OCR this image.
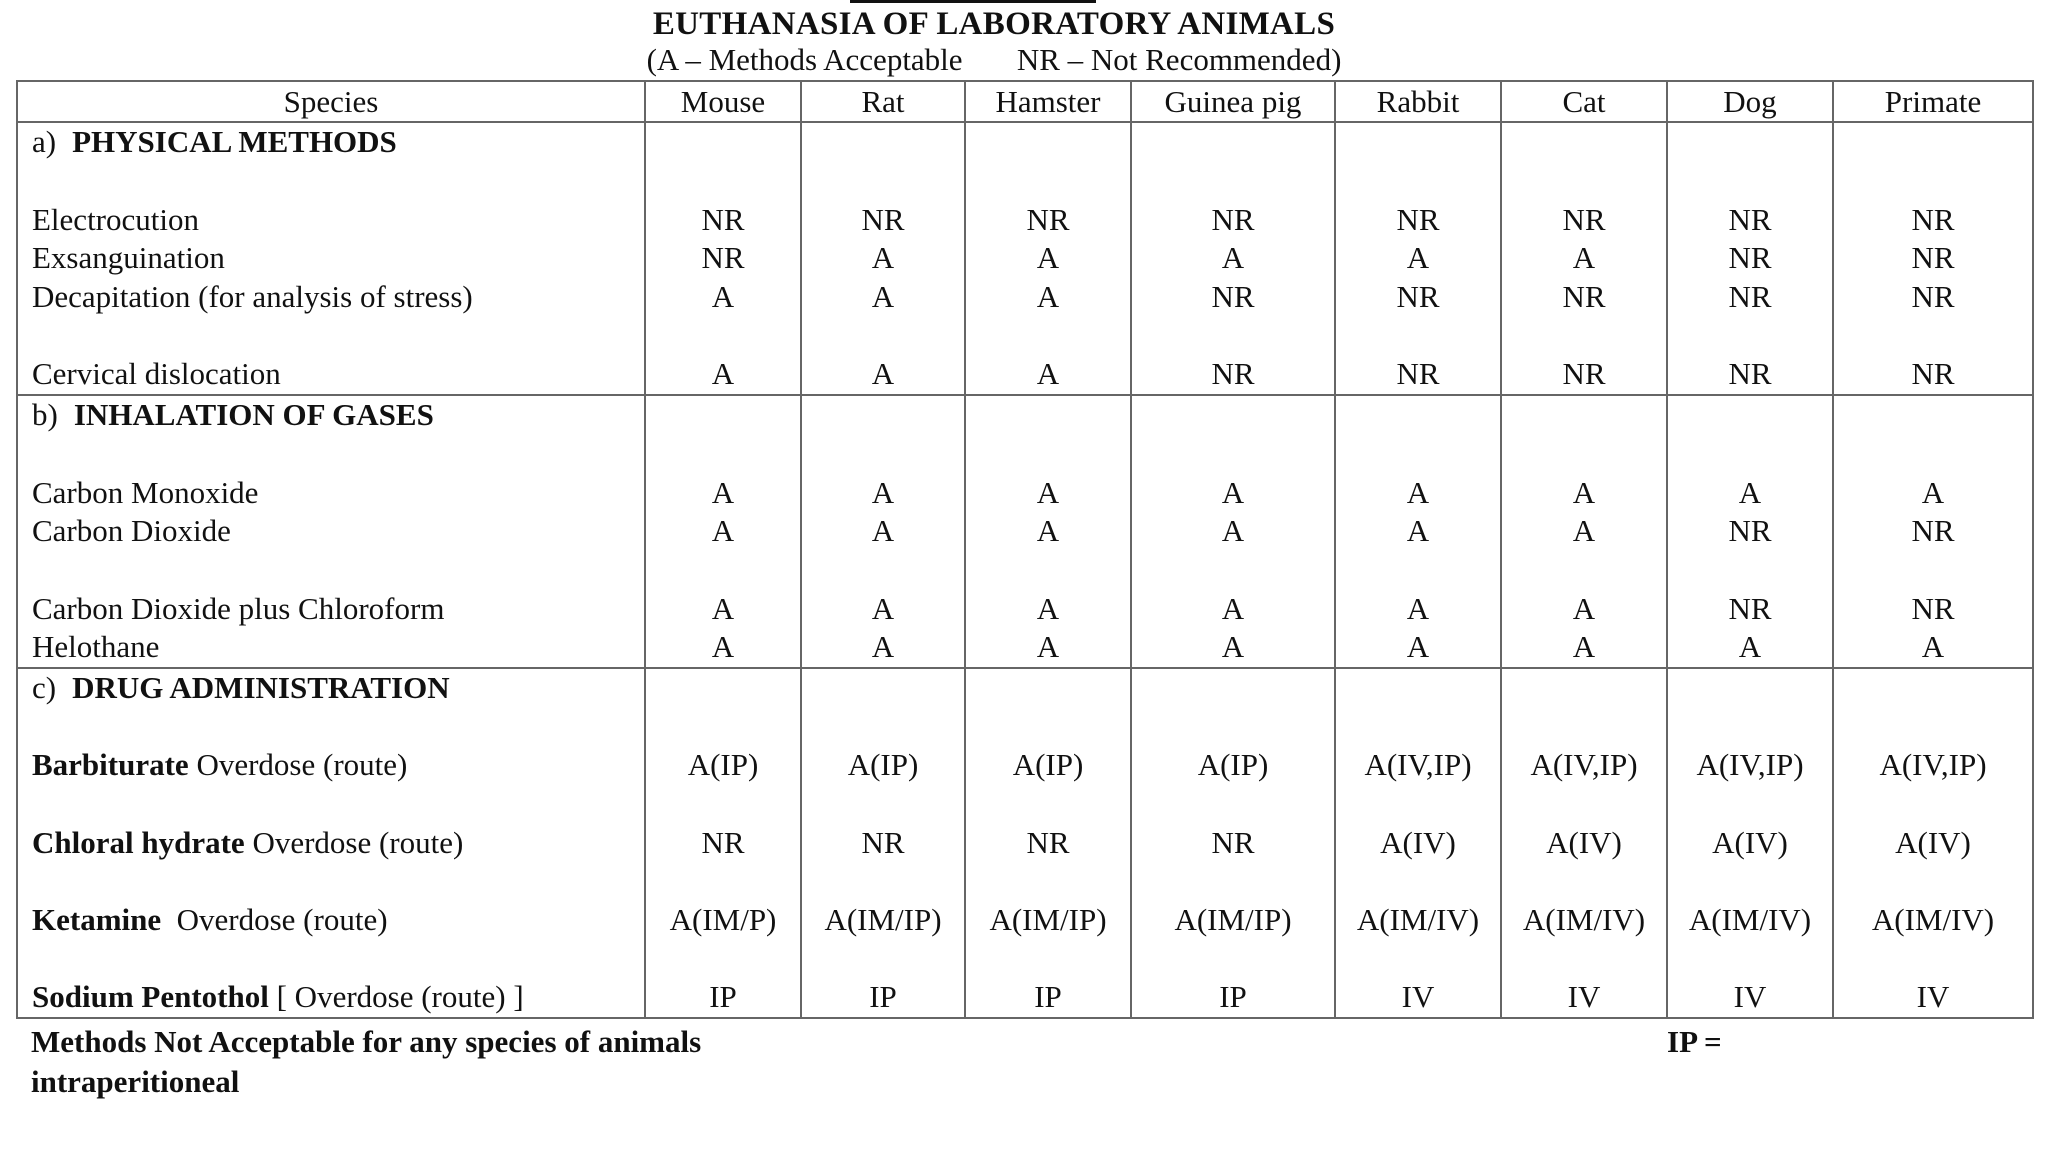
EUTHANASIA OF LABORATORY ANIMALS
(A – Methods Acceptable NR – Not Recommended)
Species	Mouse	Rat	Hamster	Guinea pig	Rabbit	Cat	Dog	Primate
a) PHYSICAL METHODS								

Electrocution	NR	NR	NR	NR	NR	NR	NR	NR
Exsanguination	NR	A	A	A	A	A	NR	NR
Decapitation (for analysis of stress)	A	A	A	NR	NR	NR	NR	NR

Cervical dislocation	A	A	A	NR	NR	NR	NR	NR
b) INHALATION OF GASES								

Carbon Monoxide	A	A	A	A	A	A	A	A
Carbon Dioxide	A	A	A	A	A	A	NR	NR

Carbon Dioxide plus Chloroform	A	A	A	A	A	A	NR	NR
Helothane	A	A	A	A	A	A	A	A
c) DRUG ADMINISTRATION								

Barbiturate Overdose (route)	A(IP)	A(IP)	A(IP)	A(IP)	A(IV,IP)	A(IV,IP)	A(IV,IP)	A(IV,IP)

Chloral hydrate Overdose (route)	NR	NR	NR	NR	A(IV)	A(IV)	A(IV)	A(IV)

Ketamine  Overdose (route)	A(IM/P)	A(IM/IP)	A(IM/IP)	A(IM/IP)	A(IM/IV)	A(IM/IV)	A(IM/IV)	A(IM/IV)

Sodium Pentothol [ Overdose (route) ]	IP	IP	IP	IP	IV	IV	IV	IV
Methods Not Acceptable for any species of animals	IP =
intraperitioneal
